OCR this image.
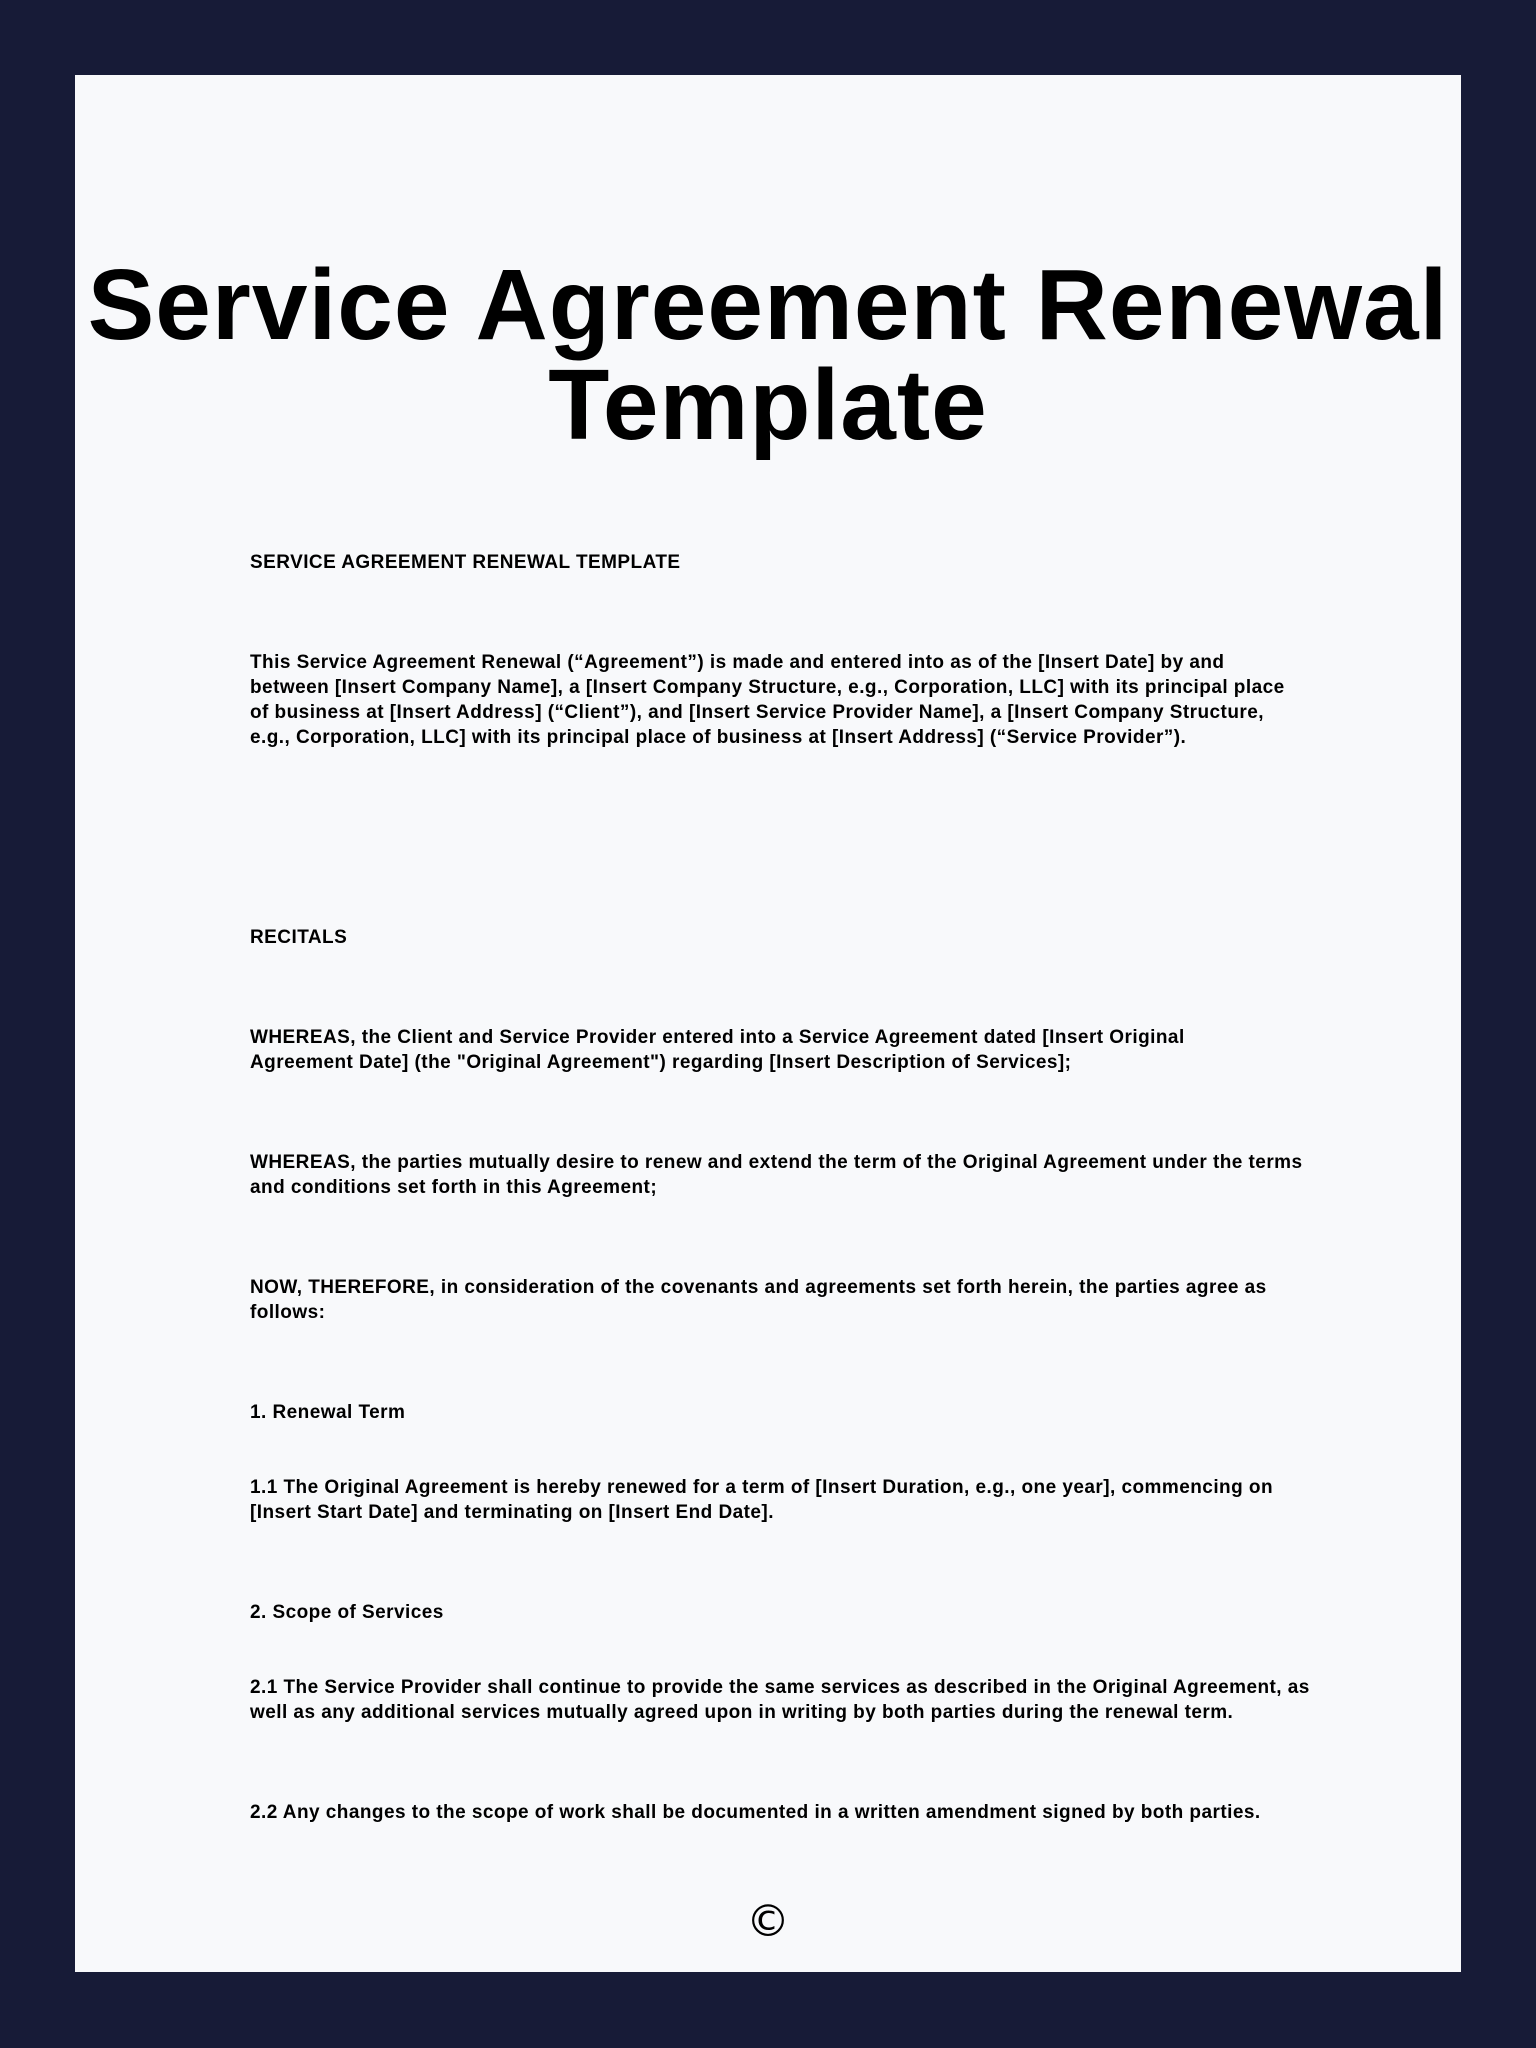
Service Agreement Renewal Template

SERVICE AGREEMENT RENEWAL TEMPLATE

This Service Agreement Renewal (“Agreement”) is made and entered into as of the [Insert Date] by and between [Insert Company Name], a [Insert Company Structure, e.g., Corporation, LLC] with its principal place of business at [Insert Address] (“Client”), and [Insert Service Provider Name], a [Insert Company Structure, e.g., Corporation, LLC] with its principal place of business at [Insert Address] (“Service Provider”).

RECITALS

WHEREAS, the Client and Service Provider entered into a Service Agreement dated [Insert Original Agreement Date] (the "Original Agreement") regarding [Insert Description of Services];

WHEREAS, the parties mutually desire to renew and extend the term of the Original Agreement under the terms and conditions set forth in this Agreement;

NOW, THEREFORE, in consideration of the covenants and agreements set forth herein, the parties agree as follows:

1. Renewal Term

1.1 The Original Agreement is hereby renewed for a term of [Insert Duration, e.g., one year], commencing on [Insert Start Date] and terminating on [Insert End Date].

2. Scope of Services

2.1 The Service Provider shall continue to provide the same services as described in the Original Agreement, as well as any additional services mutually agreed upon in writing by both parties during the renewal term.

2.2 Any changes to the scope of work shall be documented in a written amendment signed by both parties.

©
